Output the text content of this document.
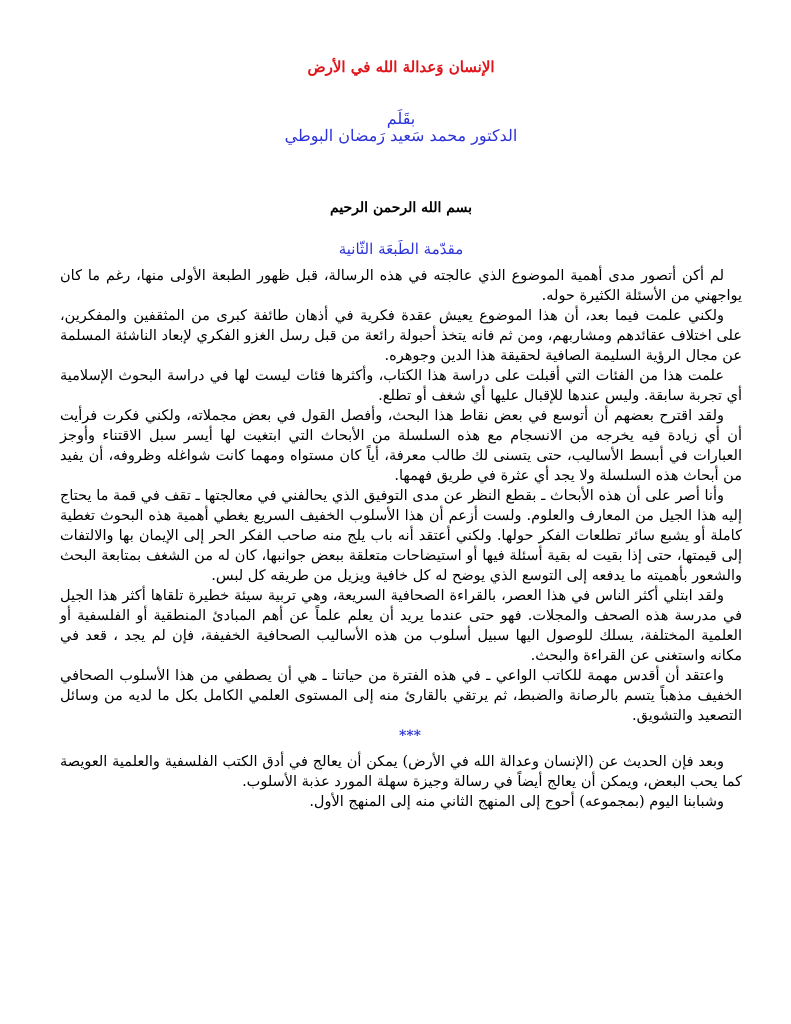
الإنسان وَعدالة الله في الأرض
بقَلَم
الدكتور محمد سَعيد رَمضان البوطي
بسم الله الرحمن الرحيم
مقدّمة الطَبعَة الثّانية

لم أكن أتصور مدى أهمية الموضوع الذي عالجته في هذه الرسالة، قبل ظهور الطبعة الأولى منها، رغم ما كان يواجهني من الأسئلة الكثيرة حوله.

ولكني علمت فيما بعد، أن هذا الموضوع يعيش عقدة فكرية في أذهان طائفة كبرى من المثقفين والمفكرين، على اختلاف عقائدهم ومشاربهم، ومن ثم فانه يتخذ أحبولة رائعة من قبل رسل الغزو الفكري لإبعاد الناشئة المسلمة عن مجال الرؤية السليمة الصافية لحقيقة هذا الدين وجوهره.

علمت هذا من الفئات التي أقبلت على دراسة هذا الكتاب، وأكثرها فئات ليست لها في دراسة البحوث الإسلامية أي تجربة سابقة. وليس عندها للإقبال عليها أي شغف أو تطلع.

ولقد اقترح بعضهم أن أتوسع في بعض نقاط هذا البحث، وأفصل القول في بعض مجملاته، ولكني فكرت فرأيت أن أي زيادة فيه يخرجه من الانسجام مع هذه السلسلة من الأبحاث التي ابتغيت لها أيسر سبل الاقتناء وأوجز العبارات في أبسط الأساليب، حتى يتسنى لك طالب معرفة، أياً كان مستواه ومهما كانت شواغله وظروفه، أن يفيد من أبحاث هذه السلسلة ولا يجد أي عثرة في طريق فهمها.

وأنا أصر على أن هذه الأبحاث ـ بقطع النظر عن مدى التوفيق الذي يحالفني في معالجتها ـ تقف في قمة ما يحتاج إليه هذا الجيل من المعارف والعلوم. ولست أزعم أن هذا الأسلوب الخفيف السريع يغطي أهمية هذه البحوث تغطية كاملة أو يشبع سائر تطلعات الفكر حولها. ولكني أعتقد أنه باب يلج منه صاحب الفكر الحر إلى الإيمان بها والالتفات إلى قيمتها، حتى إذا بقيت له بقية أسئلة فيها أو استيضاحات متعلقة ببعض جوانبها، كان له من الشغف بمتابعة البحث والشعور بأهميته ما يدفعه إلى التوسع الذي يوضح له كل خافية ويزيل من طريقه كل لبس.

ولقد ابتلي أكثر الناس في هذا العصر، بالقراءة الصحافية السريعة، وهي تربية سيئة خطيرة تلقاها أكثر هذا الجيل في مدرسة هذه الصحف والمجلات. فهو حتى عندما يريد أن يعلم علماً عن أهم المبادئ المنطقية أو الفلسفية أو العلمية المختلفة، يسلك للوصول اليها سبيل أسلوب من هذه الأساليب الصحافية الخفيفة، فإن لم يجد ، قعد في مكانه واستغنى عن القراءة والبحث.

واعتقد أن أقدس مهمة للكاتب الواعي ـ في هذه الفترة من حياتنا ـ هي أن يصطفي من هذا الأسلوب الصحافي الخفيف مذهباً يتسم بالرصانة والضبط، ثم يرتقي بالقارئ منه إلى المستوى العلمي الكامل بكل ما لديه من وسائل التصعيد والتشويق.

***

وبعد فإن الحديث عن (الإنسان وعدالة الله في الأرض) يمكن أن يعالج في أدق الكتب الفلسفية والعلمية العويصة كما يحب البعض، ويمكن أن يعالج أيضاً في رسالة وجيزة سهلة المورد عذبة الأسلوب.

وشبابنا اليوم (بمجموعه) أحوج إلى المنهج الثاني منه إلى المنهج الأول.
